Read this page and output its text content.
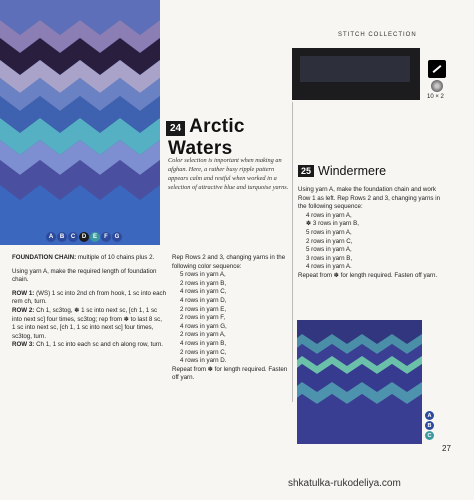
STITCH COLLECTION
10 × 2
24 Arctic
Waters
Color selection is important when making an afghan. Here, a rather busy ripple pattern appears calm and restful when worked in a selection of attractive blue and turquoise yarns.
A	B	C	D	E	F	G

FOUNDATION CHAIN: multiple of 10 chains plus 2.

Using yarn A, make the required length of foundation chain.

ROW 1: (WS) 1 sc into 2nd ch from hook, 1 sc into each rem ch, turn.
ROW 2: Ch 1, sc3tog, ✽ 1 sc into next sc, [ch 1, 1 sc into next sc] four times, sc3tog; rep from ✽ to last 8 sc, 1 sc into next sc, [ch 1, 1 sc into next sc] four times, sc3tog, turn.
ROW 3: Ch 1, 1 sc into each sc and ch along row, turn.

Rep Rows 2 and 3, changing yarns in the following color sequence:

5 rows in yarn A,
2 rows in yarn B,
4 rows in yarn C,
4 rows in yarn D,
2 rows in yarn E,
2 rows in yarn F,
4 rows in yarn G,
2 rows in yarn A,
4 rows in yarn B,
2 rows in yarn C,
4 rows in yarn D.

Repeat from ✽ for length required. Fasten off yarn.

25 Windermere

Using yarn A, make the foundation chain and work Row 1 as left. Rep Rows 2 and 3, changing yarns in the following sequence:

4 rows in yarn A,
✽ 3 rows in yarn B,
5 rows in yarn A,
2 rows in yarn C,
5 rows in yarn A,
3 rows in yarn B,
4 rows in yarn A.

Repeat from ✽ for length required. Fasten off yarn.

A
B
C
27
shkatulka-rukodeliya.com
